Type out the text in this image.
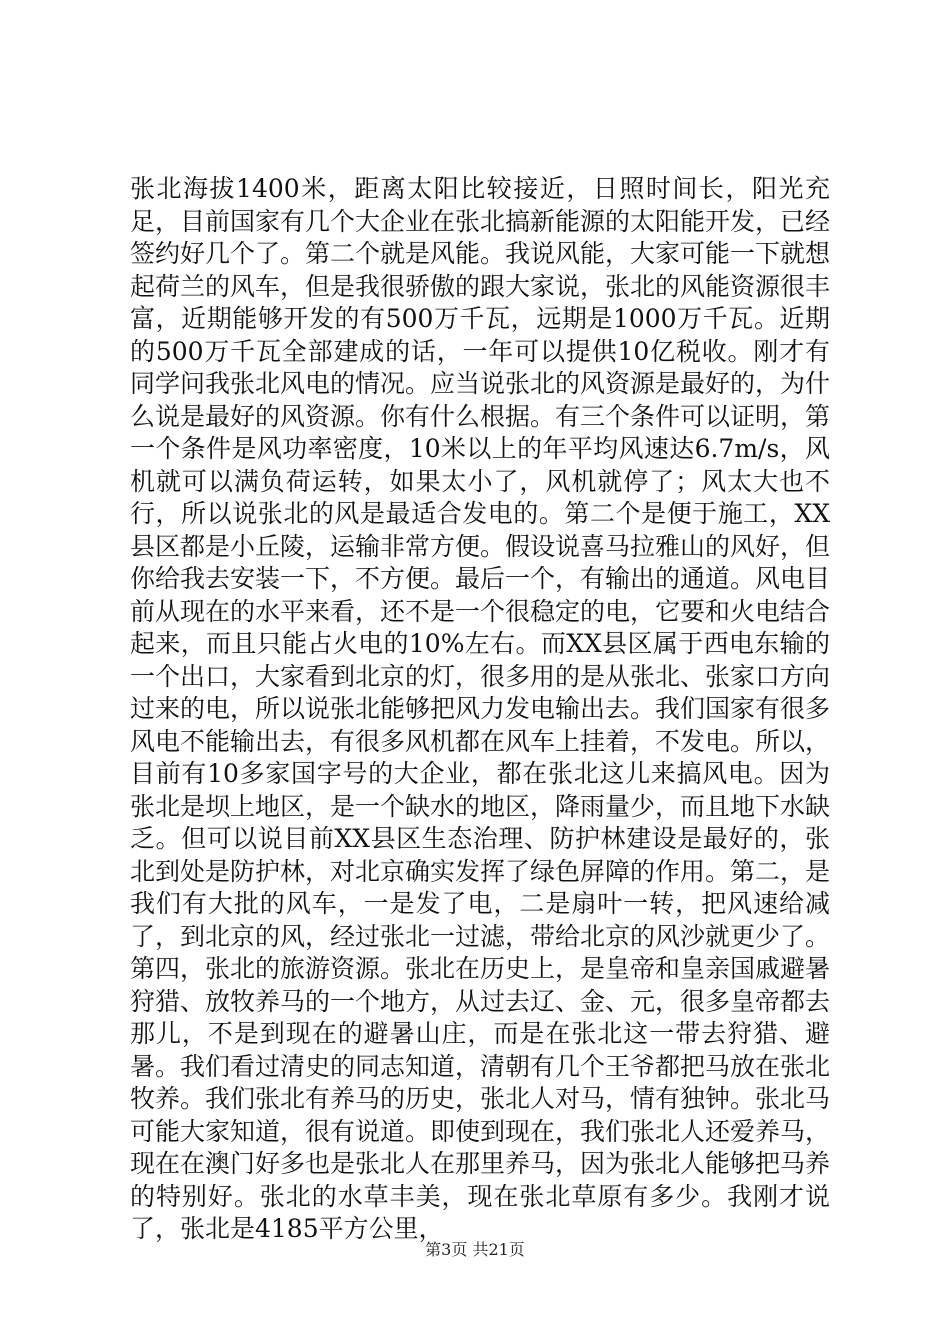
张北海拔1400米，距离太阳比较接近，日照时间长，阳光充足，目前国家有几个大企业在张北搞新能源的太阳能开发，已经签约好几个了。第二个就是风能。我说风能，大家可能一下就想起荷兰的风车，但是我很骄傲的跟大家说，张北的风能资源很丰富，近期能够开发的有500万千瓦，远期是1000万千瓦。近期的500万千瓦全部建成的话，一年可以提供10亿税收。刚才有同学问我张北风电的情况。应当说张北的风资源是最好的，为什么说是最好的风资源。你有什么根据。有三个条件可以证明，第一个条件是风功率密度，10米以上的年平均风速达6.7m/s，风机就可以满负荷运转，如果太小了，风机就停了；风太大也不行，所以说张北的风是最适合发电的。第二个是便于施工，XX县区都是小丘陵，运输非常方便。假设说喜马拉雅山的风好，但你给我去安装一下，不方便。最后一个，有输出的通道。风电目前从现在的水平来看，还不是一个很稳定的电，它要和火电结合起来，而且只能占火电的10%左右。而XX县区属于西电东输的一个出口，大家看到北京的灯，很多用的是从张北、张家口方向过来的电，所以说张北能够把风力发电输出去。我们国家有很多风电不能输出去，有很多风机都在风车上挂着，不发电。所以，目前有10多家国字号的大企业，都在张北这儿来搞风电。因为张北是坝上地区，是一个缺水的地区，降雨量少，而且地下水缺乏。但可以说目前XX县区生态治理、防护林建设是最好的，张北到处是防护林，对北京确实发挥了绿色屏障的作用。第二，是我们有大批的风车，一是发了电，二是扇叶一转，把风速给减了，到北京的风，经过张北一过滤，带给北京的风沙就更少了。第四，张北的旅游资源。张北在历史上，是皇帝和皇亲国戚避暑狩猎、放牧养马的一个地方，从过去辽、金、元，很多皇帝都去那儿，不是到现在的避暑山庄，而是在张北这一带去狩猎、避暑。我们看过清史的同志知道，清朝有几个王爷都把马放在张北牧养。我们张北有养马的历史，张北人对马，情有独钟。张北马可能大家知道，很有说道。即使到现在，我们张北人还爱养马，现在在澳门好多也是张北人在那里养马，因为张北人能够把马养的特别好。张北的水草丰美，现在张北草原有多少。我刚才说了，张北是4185平方公里，

第3页 共21页
